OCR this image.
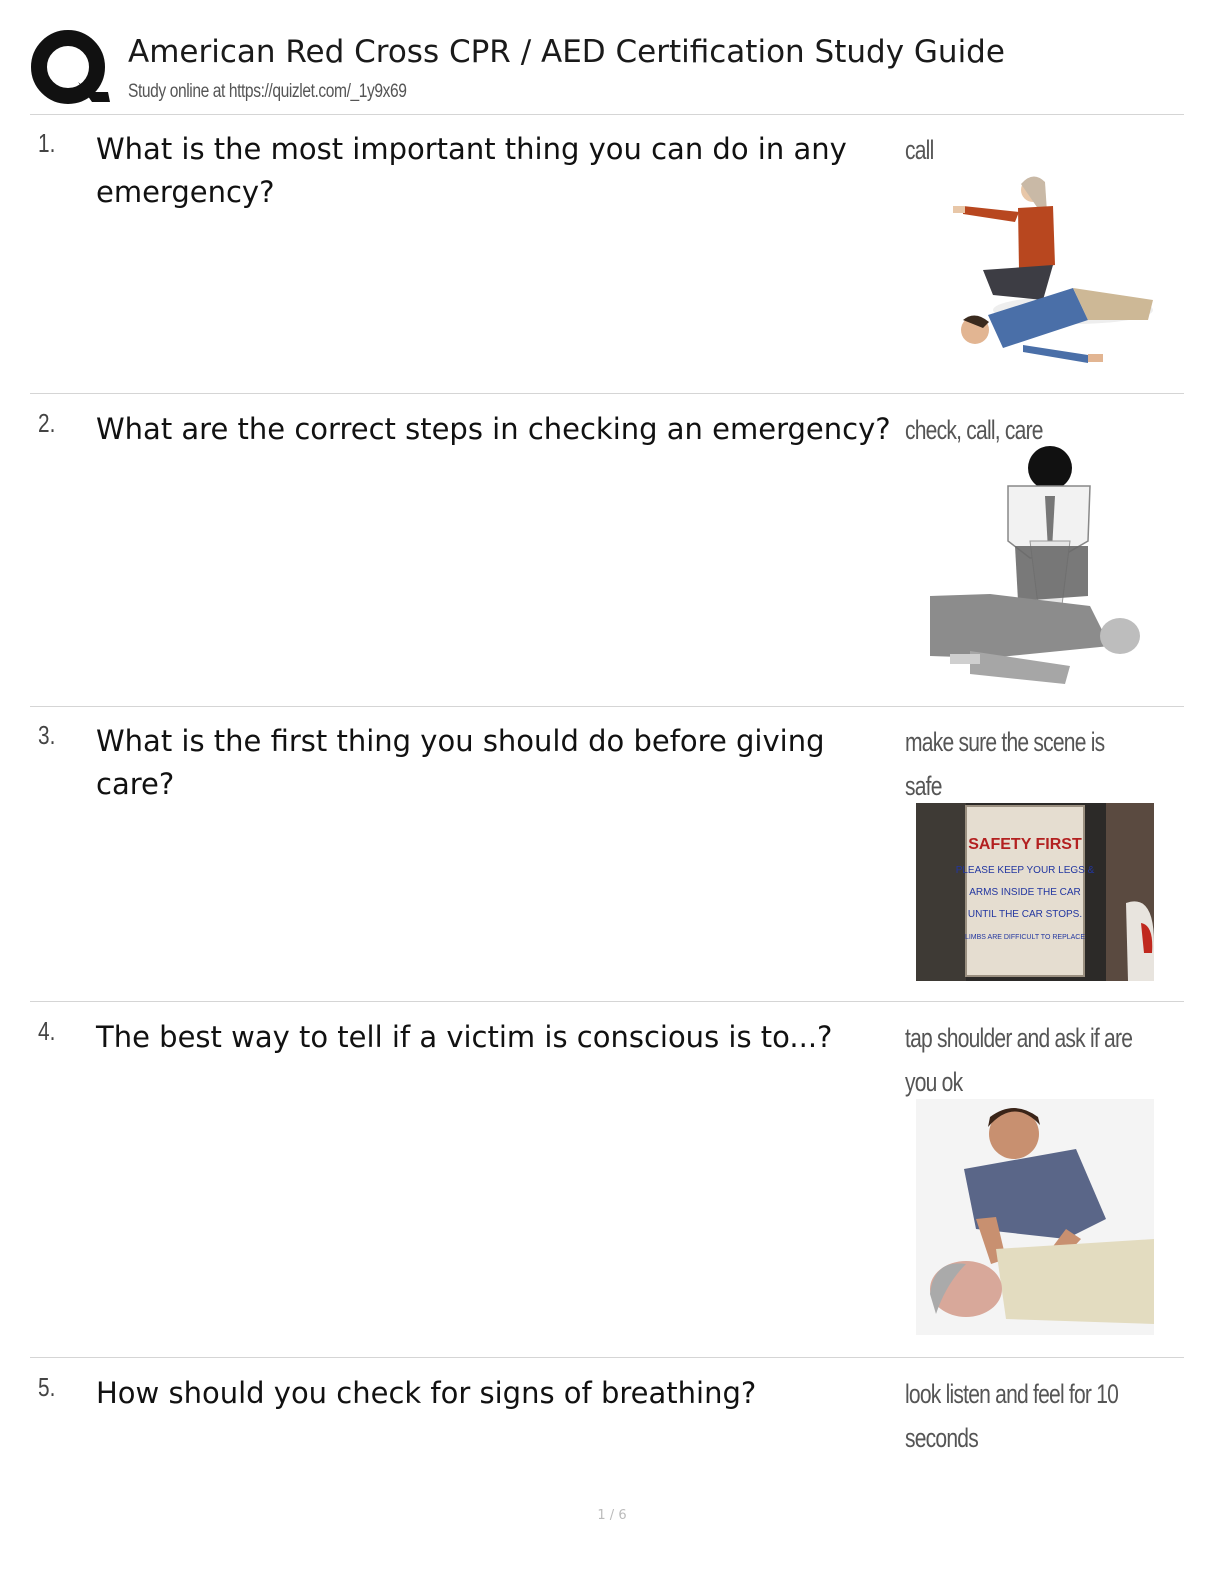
American Red Cross CPR / AED Certification Study Guide
Study online at https://quizlet.com/_1y9x69
1. What is the most important thing you can do in any emergency?
call
2. What are the correct steps in checking an emergency? check, call, care
3. What is the first thing you should do before giving care?
make sure the scene is
safe
SAFETY FIRST
PLEASE KEEP YOUR LEGS &
ARMS INSIDE THE CAR
UNTIL THE CAR STOPS.
LIMBS ARE DIFFICULT TO REPLACE
4. The best way to tell if a victim is conscious is to...?	tap shoulder and ask if are
you ok
5. How should you check for signs of breathing?	look listen and feel for 10
seconds
1 / 6
